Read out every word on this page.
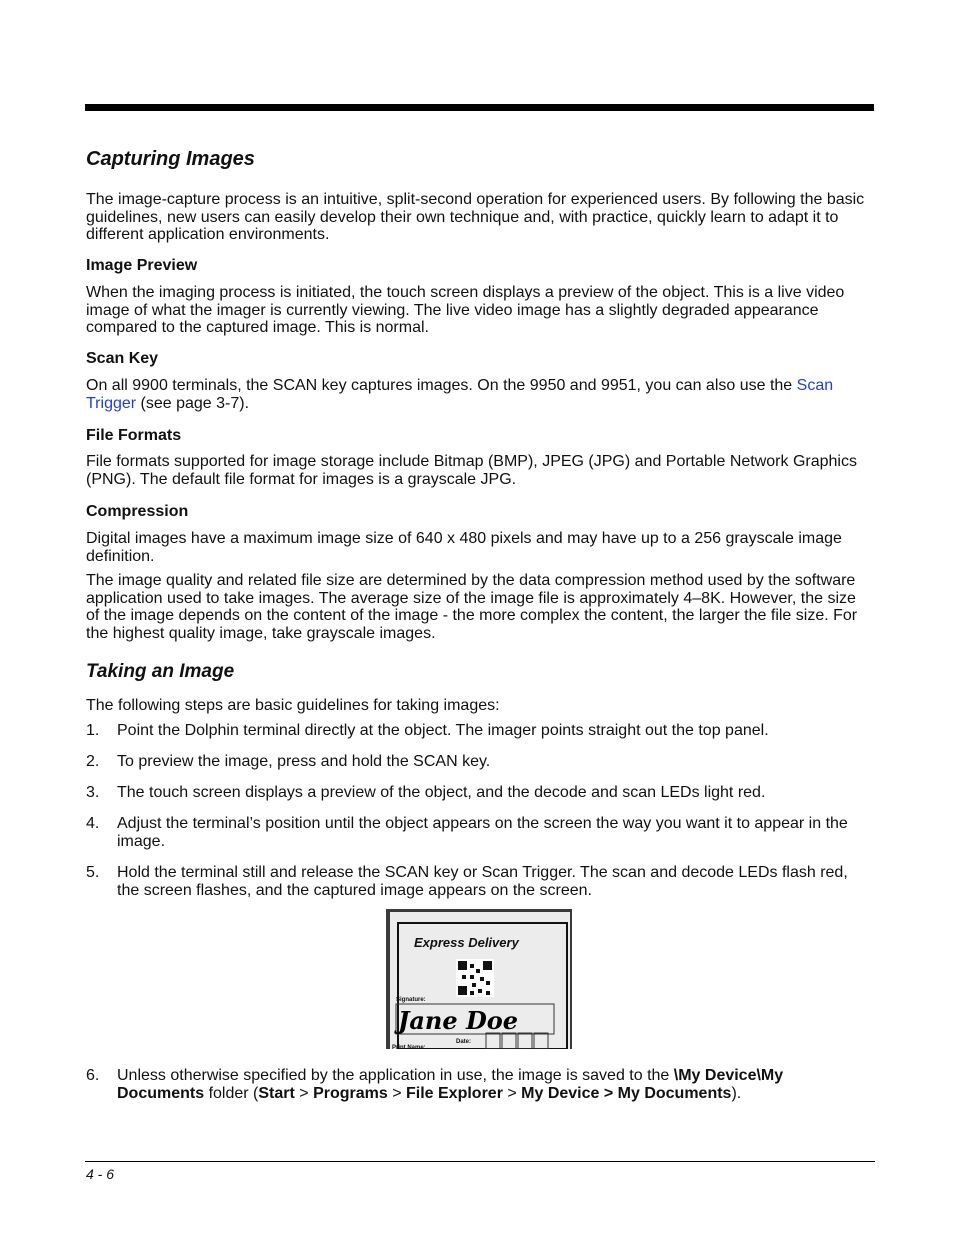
Capturing Images

The image-capture process is an intuitive, split-second operation for experienced users. By following the basic guidelines, new users can easily develop their own technique and, with practice, quickly learn to adapt it to different application environments.

Image Preview

When the imaging process is initiated, the touch screen displays a preview of the object. This is a live video image of what the imager is currently viewing. The live video image has a slightly degraded appearance compared to the captured image. This is normal.

Scan Key

On all 9900 terminals, the SCAN key captures images. On the 9950 and 9951, you can also use the Scan Trigger (see page 3-7).

File Formats

File formats supported for image storage include Bitmap (BMP), JPEG (JPG) and Portable Network Graphics (PNG). The default file format for images is a grayscale JPG.

Compression

Digital images have a maximum image size of 640 x 480 pixels and may have up to a 256 grayscale image definition.

The image quality and related file size are determined by the data compression method used by the software application used to take images. The average size of the image file is approximately 4–8K. However, the size of the image depends on the content of the image - the more complex the content, the larger the file size. For the highest quality image, take grayscale images.

Taking an Image

The following steps are basic guidelines for taking images:

1. Point the Dolphin terminal directly at the object. The imager points straight out the top panel.
2. To preview the image, press and hold the SCAN key.
3. The touch screen displays a preview of the object, and the decode and scan LEDs light red.
4. Adjust the terminal’s position until the object appears on the screen the way you want it to appear in the image.
5. Hold the terminal still and release the SCAN key or Scan Trigger. The scan and decode LEDs flash red, the screen flashes, and the captured image appears on the screen.
6. Unless otherwise specified by the application in use, the image is saved to the \My Device\My Documents folder (Start > Programs > File Explorer > My Device > My Documents).
Express Delivery
Signature:
Jane Doe
Date:
Print Name:
4 - 6
